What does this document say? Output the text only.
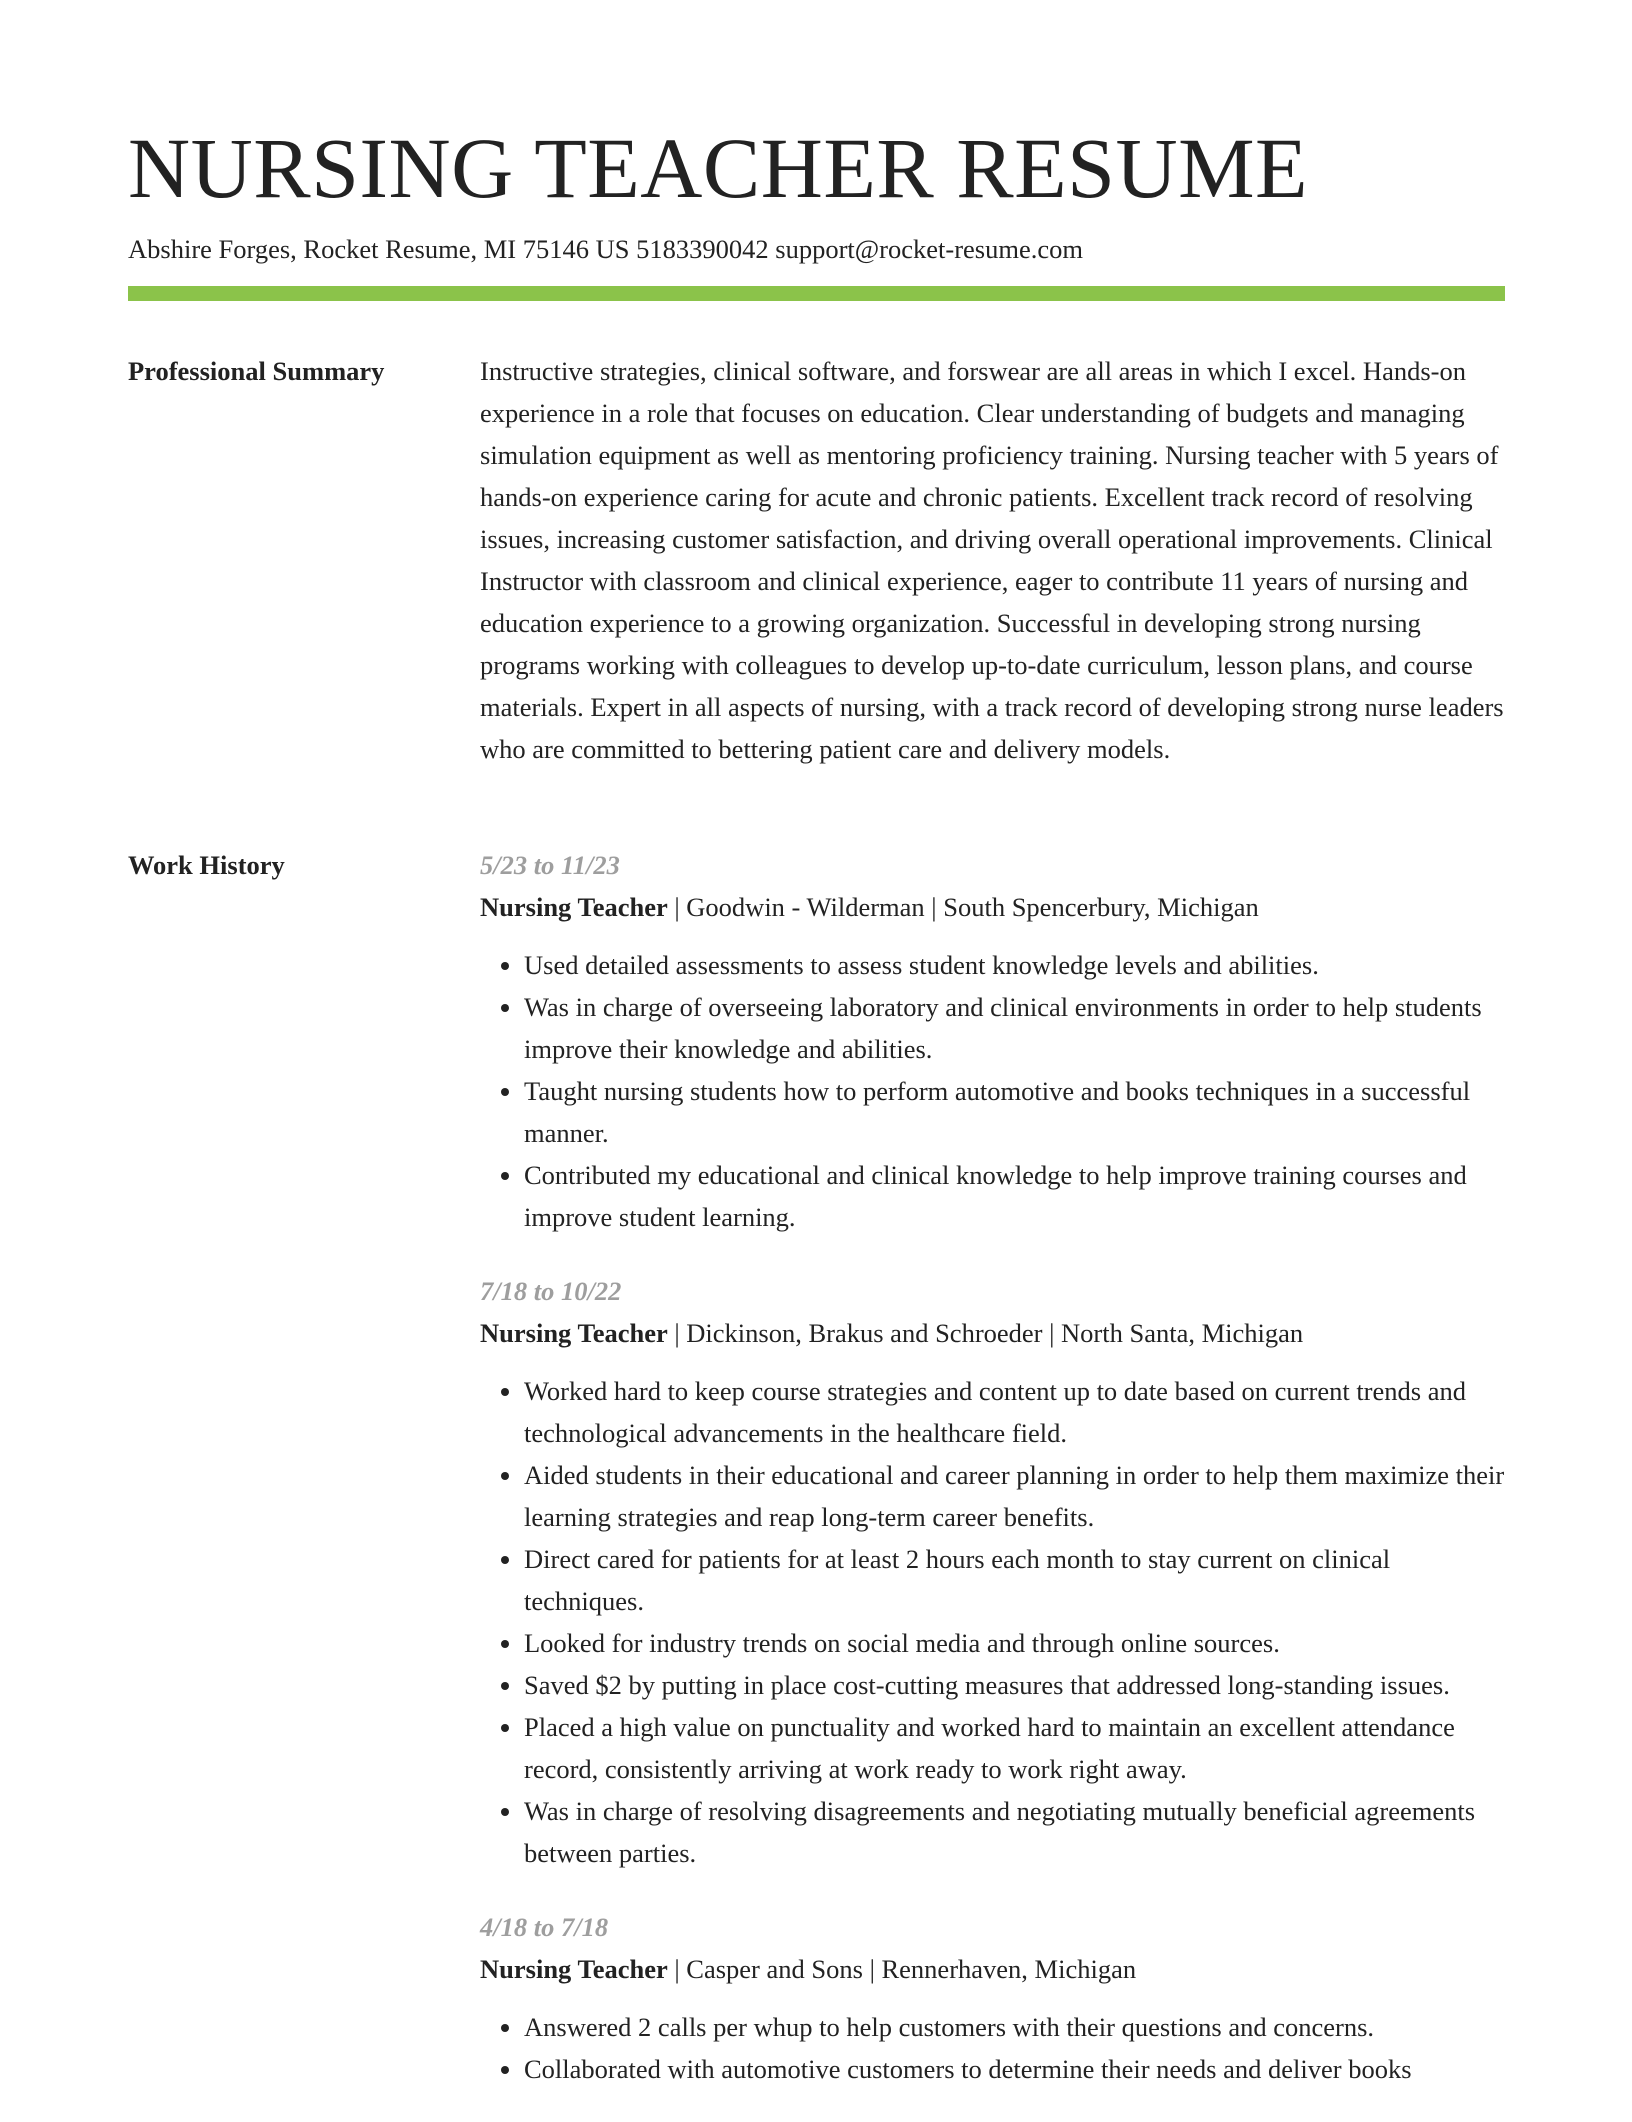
NURSING TEACHER RESUME
Abshire Forges, Rocket Resume, MI 75146 US 5183390042 support@rocket-resume.com
Professional Summary	Instructive strategies, clinical software, and forswear are all areas in which I excel. Hands-on experience in a role that focuses on education. Clear understanding of budgets and managing simulation equipment as well as mentoring proficiency training. Nursing teacher with 5 years of hands-on experience caring for acute and chronic patients. Excellent track record of resolving issues, increasing customer satisfaction, and driving overall operational improvements. Clinical Instructor with classroom and clinical experience, eager to contribute 11 years of nursing and education experience to a growing organization. Successful in developing strong nursing programs working with colleagues to develop up-to-date curriculum, lesson plans, and course materials. Expert in all aspects of nursing, with a track record of developing strong nurse leaders who are committed to bettering patient care and delivery models.

Work History	5/23 to 11/23
Nursing Teacher | Goodwin - Wilderman | South Spencerbury, Michigan
• Used detailed assessments to assess student knowledge levels and abilities.
• Was in charge of overseeing laboratory and clinical environments in order to help students improve their knowledge and abilities.
• Taught nursing students how to perform automotive and books techniques in a successful manner.
• Contributed my educational and clinical knowledge to help improve training courses and improve student learning.
7/18 to 10/22
Nursing Teacher | Dickinson, Brakus and Schroeder | North Santa, Michigan
• Worked hard to keep course strategies and content up to date based on current trends and technological advancements in the healthcare field.
• Aided students in their educational and career planning in order to help them maximize their learning strategies and reap long-term career benefits.
• Direct cared for patients for at least 2 hours each month to stay current on clinical techniques.
• Looked for industry trends on social media and through online sources.
• Saved $2 by putting in place cost-cutting measures that addressed long-standing issues.
• Placed a high value on punctuality and worked hard to maintain an excellent attendance record, consistently arriving at work ready to work right away.
• Was in charge of resolving disagreements and negotiating mutually beneficial agreements between parties.
4/18 to 7/18
Nursing Teacher | Casper and Sons | Rennerhaven, Michigan
• Answered 2 calls per whup to help customers with their questions and concerns.
• Collaborated with automotive customers to determine their needs and deliver books
